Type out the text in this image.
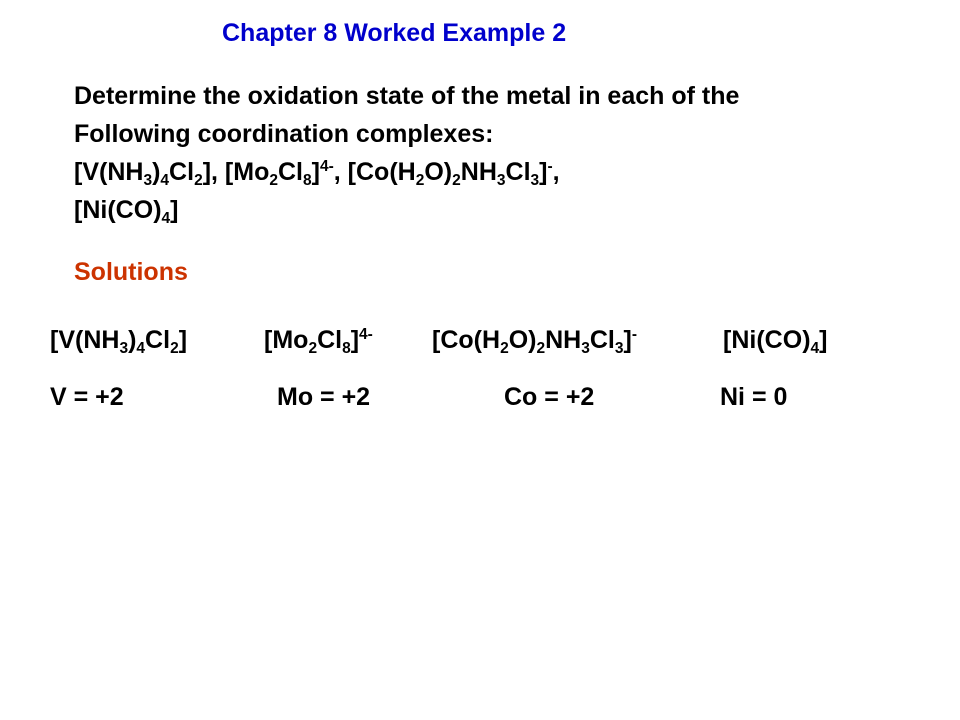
Chapter 8 Worked Example 2
Determine the oxidation state of the metal in each of the
Following coordination complexes:
$[V(NH_3)_4Cl_2]$, $[Mo_2Cl_8]^{4-}$, $[Co(H_2O)_2NH_3Cl_3]^-$,
$[Ni(CO)_4]$
Solutions
$[V(NH_3)_4Cl_2]$	$[Mo_2Cl_8]^{4-}$ $[Co(H_2O)_2NH_3Cl_3]^-$	$[Ni(CO)_4]$
V = +2	Mo = +2	Co = +2	Ni = 0
